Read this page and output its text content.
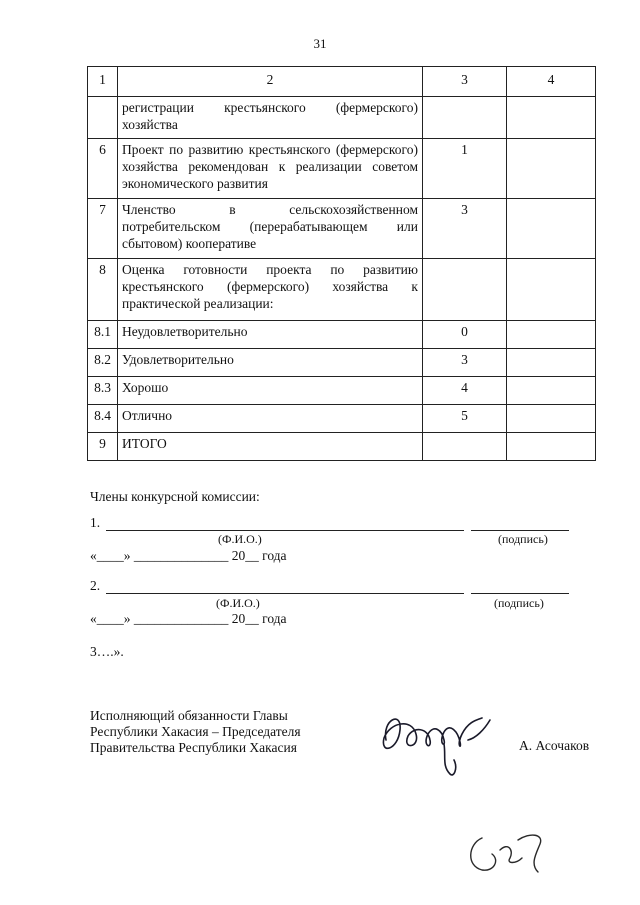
31
1	2	3	4
	регистрации крестьянского (фермерского) хозяйства		
6	Проект по развитию крестьянского (фермерского) хозяйства рекомендован к реализации советом экономического развития	1	
7	Членство в сельскохозяйственном потребительском (перерабатывающем или сбытовом) кооперативе	3	
8	Оценка готовности проекта по развитию крестьянского (фермерского) хозяйства к практической реализации:		
8.1	Неудовлетворительно	0	
8.2	Удовлетворительно	3	
8.3	Хорошо	4	
8.4	Отлично	5	
9	ИТОГО		
Члены конкурсной комиссии:
1.
(Ф.И.О.)	(подпись)
«____» ______________ 20__ года
2.
(Ф.И.О.)	(подпись)
«____» ______________ 20__ года
3….».
Исполняющий обязанности Главы
Республики Хакасия – Председателя
Правительства Республики Хакасия	А. Асочаков
